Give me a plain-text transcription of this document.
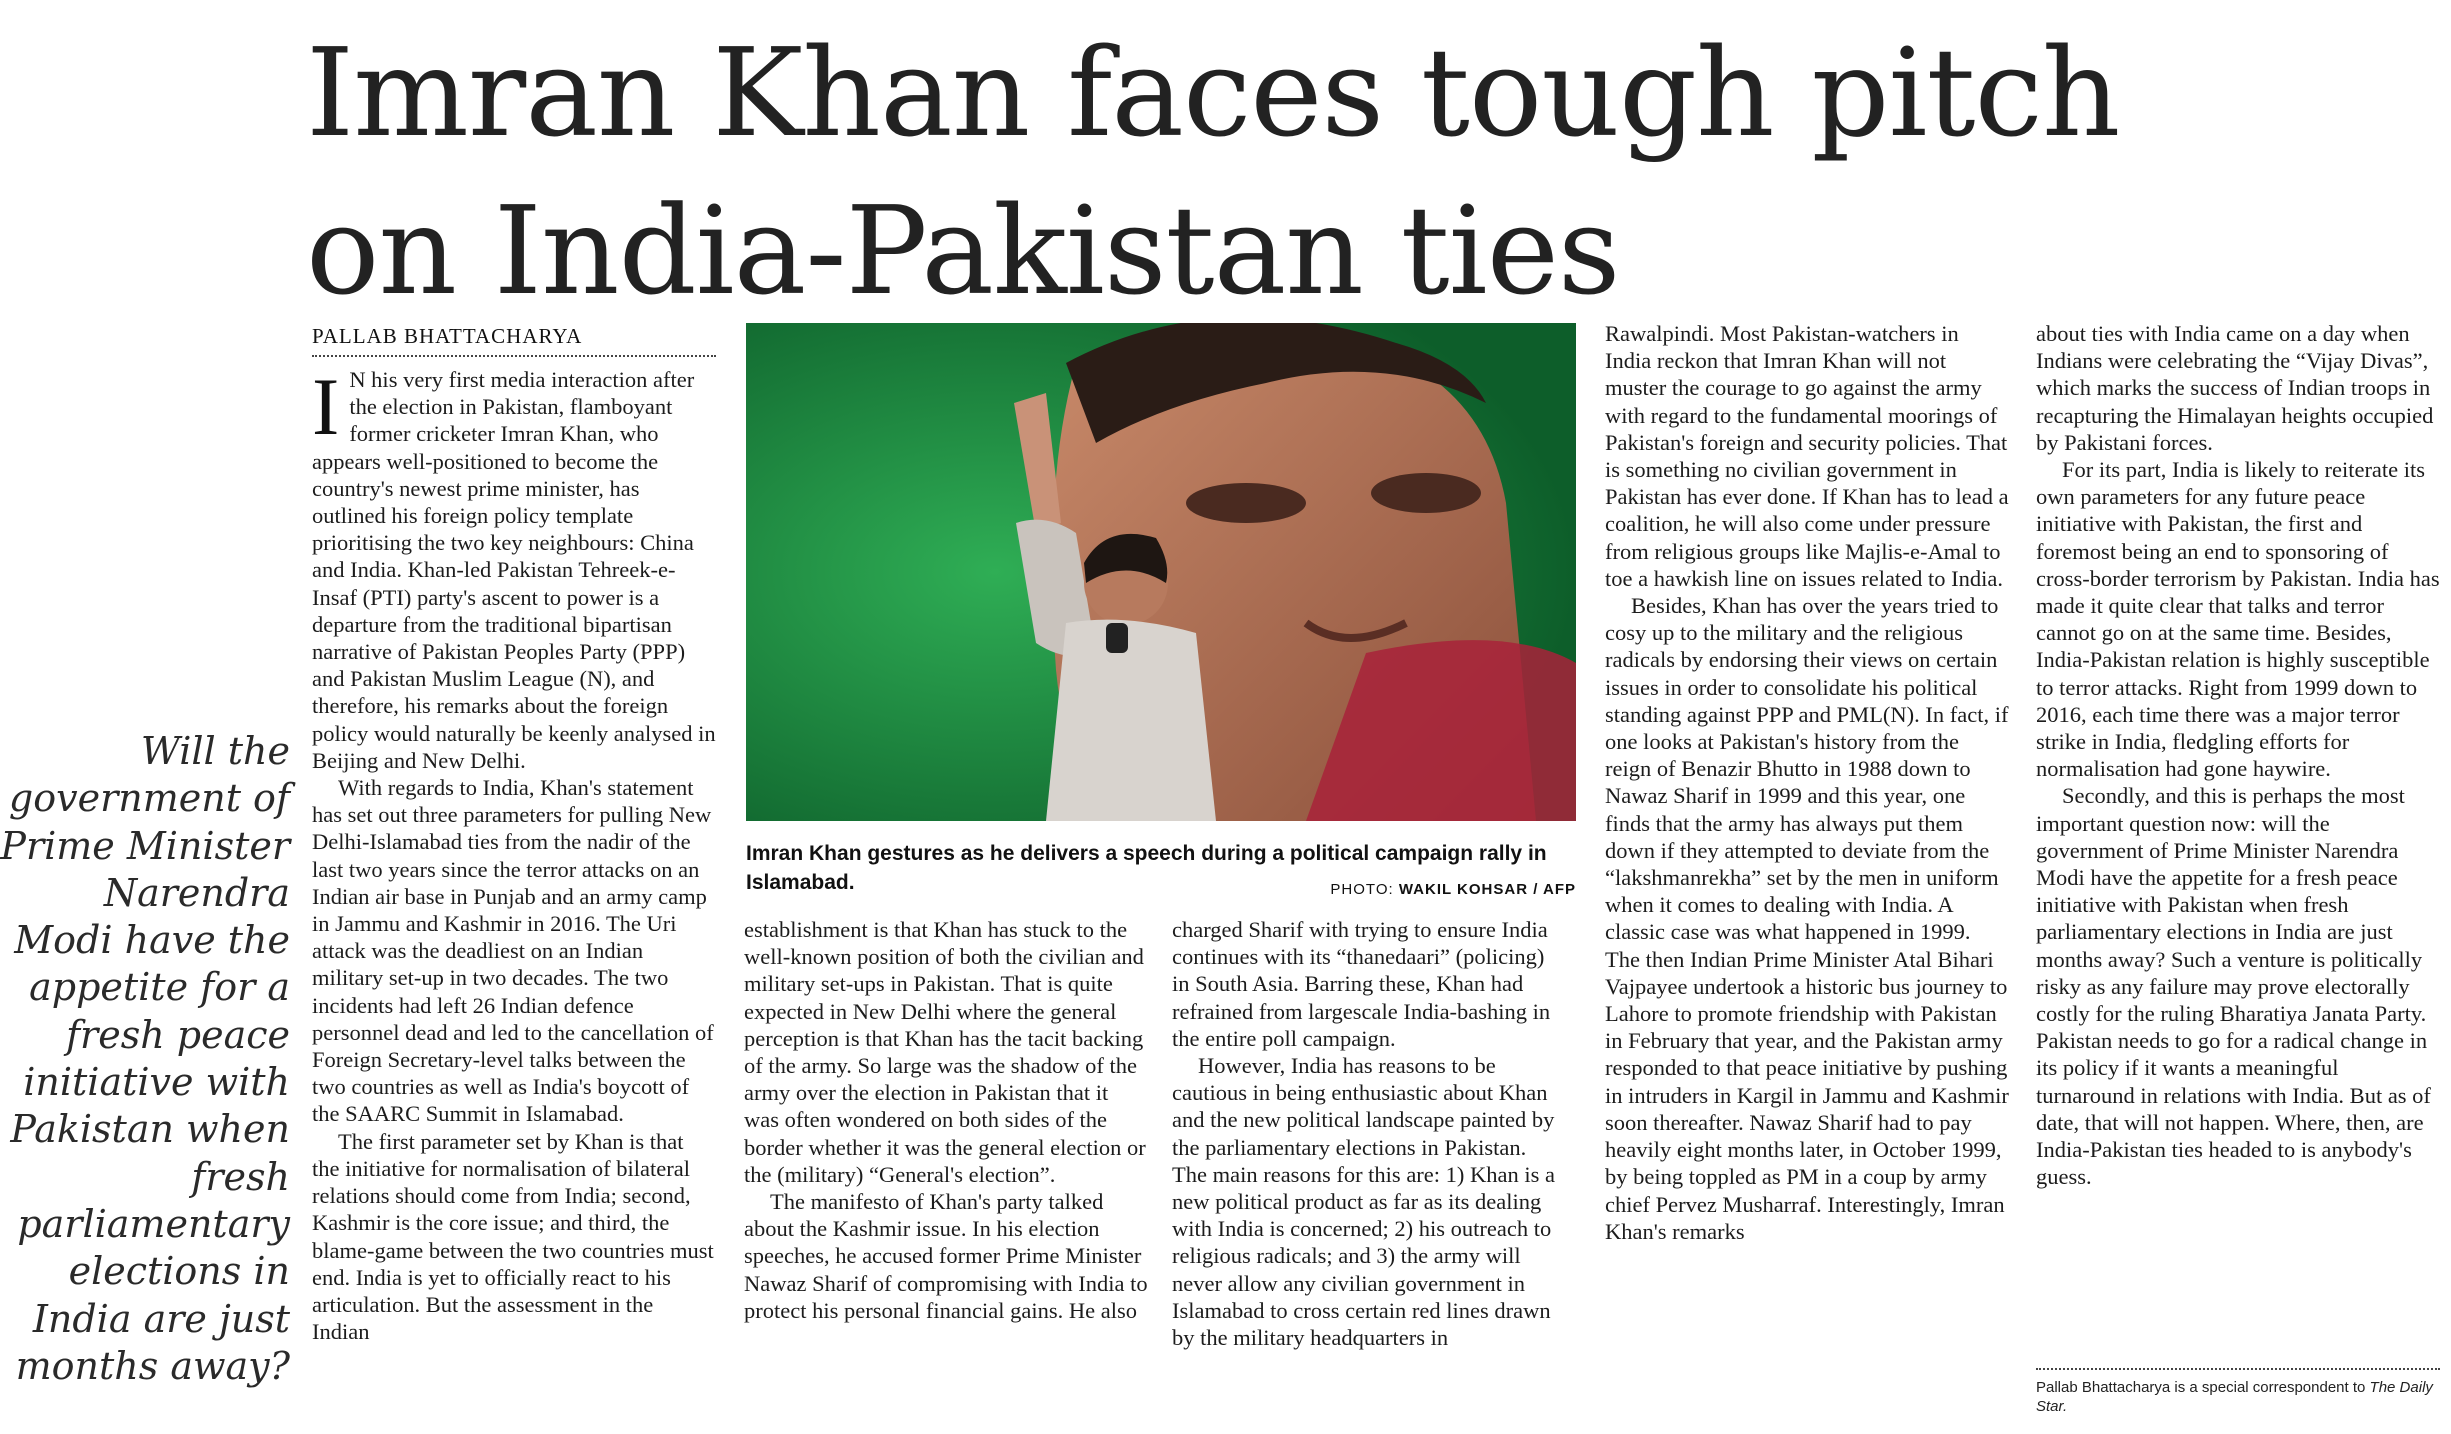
Imran Khan faces tough pitch
on India-Pakistan ties
PALLAB BHATTACHARYA
Will the government of Prime Minister Narendra Modi have the appetite for a fresh peace initiative with Pakistan when fresh parliamentary elections in India are just months away?

I N his very first media interaction after the election in Pakistan, flamboyant former cricketer Imran Khan, who appears well-positioned to become the country's newest prime minister, has outlined his foreign policy template prioritising the two key neighbours: China and India. Khan-led Pakistan Tehreek-e-Insaf (PTI) party's ascent to power is a departure from the traditional bipartisan narrative of Pakistan Peoples Party (PPP) and Pakistan Muslim League (N), and therefore, his remarks about the foreign policy would naturally be keenly analysed in Beijing and New Delhi.

With regards to India, Khan's statement has set out three parameters for pulling New Delhi-Islamabad ties from the nadir of the last two years since the terror attacks on an Indian air base in Punjab and an army camp in Jammu and Kashmir in 2016. The Uri attack was the deadliest on an Indian military set-up in two decades. The two incidents had left 26 Indian defence personnel dead and led to the cancellation of Foreign Secretary-level talks between the two countries as well as India's boycott of the SAARC Summit in Islamabad.

The first parameter set by Khan is that the initiative for normalisation of bilateral relations should come from India; second, Kashmir is the core issue; and third, the blame-game between the two countries must end. India is yet to officially react to his articulation. But the assessment in the Indian

Imran Khan gestures as he delivers a speech during a political campaign rally in Islamabad.	PHOTO: WAKIL KOHSAR / AFP

establishment is that Khan has stuck to the well-known position of both the civilian and military set-ups in Pakistan. That is quite expected in New Delhi where the general perception is that Khan has the tacit backing of the army. So large was the shadow of the army over the election in Pakistan that it was often wondered on both sides of the border whether it was the general election or the (military) “General's election”.

The manifesto of Khan's party talked about the Kashmir issue. In his election speeches, he accused former Prime Minister Nawaz Sharif of compromising with India to protect his personal financial gains. He also

charged Sharif with trying to ensure India continues with its “thanedaari” (policing) in South Asia. Barring these, Khan had refrained from largescale India-bashing in the entire poll campaign.

However, India has reasons to be cautious in being enthusiastic about Khan and the new political landscape painted by the parliamentary elections in Pakistan. The main reasons for this are: 1) Khan is a new political product as far as its dealing with India is concerned; 2) his outreach to religious radicals; and 3) the army will never allow any civilian government in Islamabad to cross certain red lines drawn by the military headquarters in

Rawalpindi. Most Pakistan-watchers in India reckon that Imran Khan will not muster the courage to go against the army with regard to the fundamental moorings of Pakistan's foreign and security policies. That is something no civilian government in Pakistan has ever done. If Khan has to lead a coalition, he will also come under pressure from religious groups like Majlis-e-Amal to toe a hawkish line on issues related to India.

Besides, Khan has over the years tried to cosy up to the military and the religious radicals by endorsing their views on certain issues in order to consolidate his political standing against PPP and PML(N). In fact, if one looks at Pakistan's history from the reign of Benazir Bhutto in 1988 down to Nawaz Sharif in 1999 and this year, one finds that the army has always put them down if they attempted to deviate from the “lakshmanrekha” set by the men in uniform when it comes to dealing with India. A classic case was what happened in 1999. The then Indian Prime Minister Atal Bihari Vajpayee undertook a historic bus journey to Lahore to promote friendship with Pakistan in February that year, and the Pakistan army responded to that peace initiative by pushing in intruders in Kargil in Jammu and Kashmir soon thereafter. Nawaz Sharif had to pay heavily eight months later, in October 1999, by being toppled as PM in a coup by army chief Pervez Musharraf. Interestingly, Imran Khan's remarks

about ties with India came on a day when Indians were celebrating the “Vijay Divas”, which marks the success of Indian troops in recapturing the Himalayan heights occupied by Pakistani forces.

For its part, India is likely to reiterate its own parameters for any future peace initiative with Pakistan, the first and foremost being an end to sponsoring of cross-border terrorism by Pakistan. India has made it quite clear that talks and terror cannot go on at the same time. Besides, India-Pakistan relation is highly susceptible to terror attacks. Right from 1999 down to 2016, each time there was a major terror strike in India, fledgling efforts for normalisation had gone haywire.

Secondly, and this is perhaps the most important question now: will the government of Prime Minister Narendra Modi have the appetite for a fresh peace initiative with Pakistan when fresh parliamentary elections in India are just months away? Such a venture is politically risky as any failure may prove electorally costly for the ruling Bharatiya Janata Party. Pakistan needs to go for a radical change in its policy if it wants a meaningful turnaround in relations with India. But as of date, that will not happen. Where, then, are India-Pakistan ties headed to is anybody's guess.

Pallab Bhattacharya is a special correspondent to The Daily Star.
